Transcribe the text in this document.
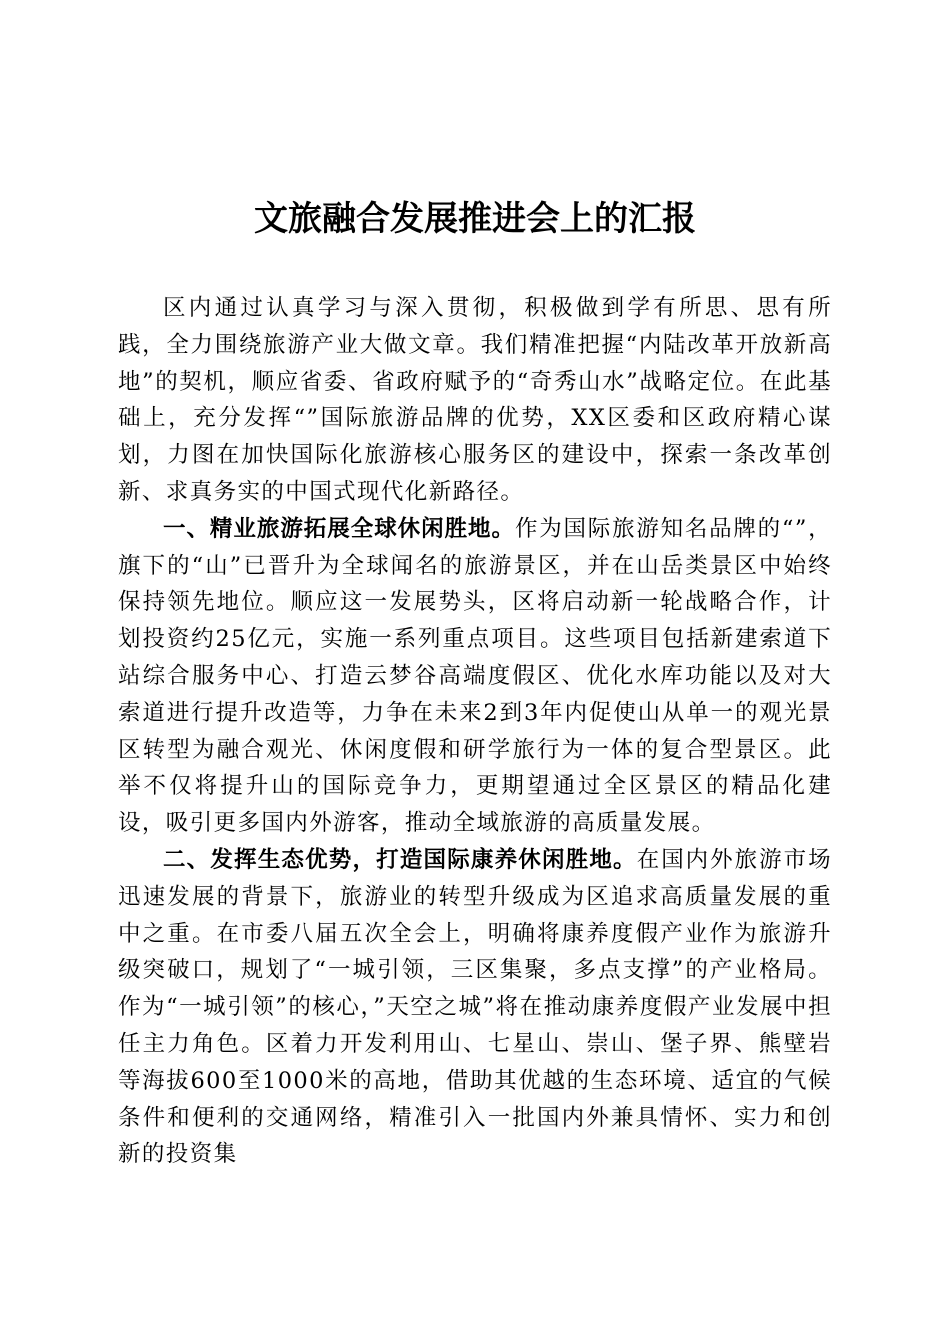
文旅融合发展推进会上的汇报

区内通过认真学习与深入贯彻，积极做到学有所思、思有所践，全力围绕旅游产业大做文章。我们精准把握“内陆改革开放新高地”的契机，顺应省委、省政府赋予的“奇秀山水”战略定位。在此基础上，充分发挥“”国际旅游品牌的优势，XX区委和区政府精心谋划，力图在加快国际化旅游核心服务区的建设中，探索一条改革创新、求真务实的中国式现代化新路径。

一、精业旅游拓展全球休闲胜地。作为国际旅游知名品牌的“”，旗下的“山”已晋升为全球闻名的旅游景区，并在山岳类景区中始终保持领先地位。顺应这一发展势头，区将启动新一轮战略合作，计划投资约25亿元，实施一系列重点项目。这些项目包括新建索道下站综合服务中心、打造云梦谷高端度假区、优化水库功能以及对大索道进行提升改造等，力争在未来2到3年内促使山从单一的观光景区转型为融合观光、休闲度假和研学旅行为一体的复合型景区。此举不仅将提升山的国际竞争力，更期望通过全区景区的精品化建设，吸引更多国内外游客，推动全域旅游的高质量发展。

二、发挥生态优势，打造国际康养休闲胜地。在国内外旅游市场迅速发展的背景下，旅游业的转型升级成为区追求高质量发展的重中之重。在市委八届五次全会上，明确将康养度假产业作为旅游升级突破口，规划了“一城引领，三区集聚，多点支撑”的产业格局。作为“一城引领”的核心，”天空之城”将在推动康养度假产业发展中担任主力角色。区着力开发利用山、七星山、崇山、堡子界、熊壁岩等海拔600至1000米的高地，借助其优越的生态环境、适宜的气候条件和便利的交通网络，精准引入一批国内外兼具情怀、实力和创新的投资集
